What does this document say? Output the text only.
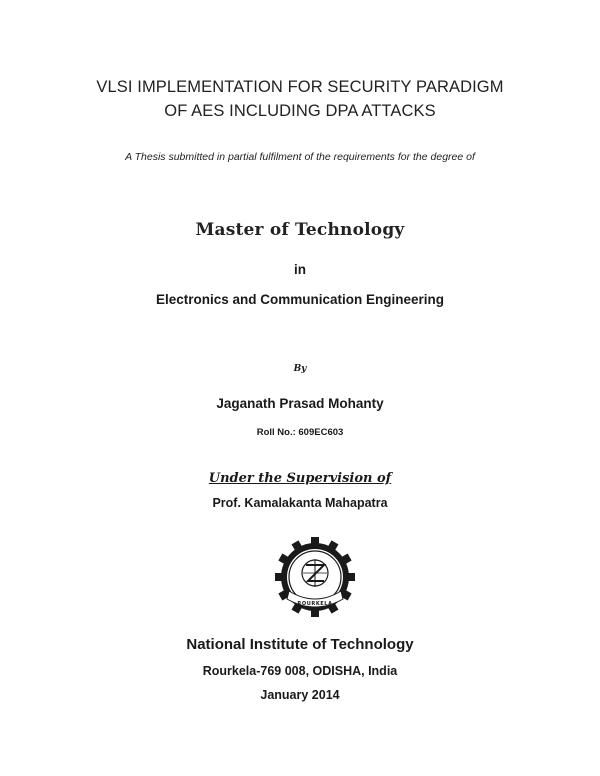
VLSI IMPLEMENTATION FOR SECURITY PARADIGM
OF AES INCLUDING DPA ATTACKS
A Thesis submitted in partial fulfilment of the requirements for the degree of
Master of Technology
in
Electronics and Communication Engineering
By
Jaganath Prasad Mohanty
Roll No.: 609EC603
Under the Supervision of
Prof. Kamalakanta Mahapatra
ROURKELA
National Institute of Technology
Rourkela-769 008, ODISHA, India
January 2014
